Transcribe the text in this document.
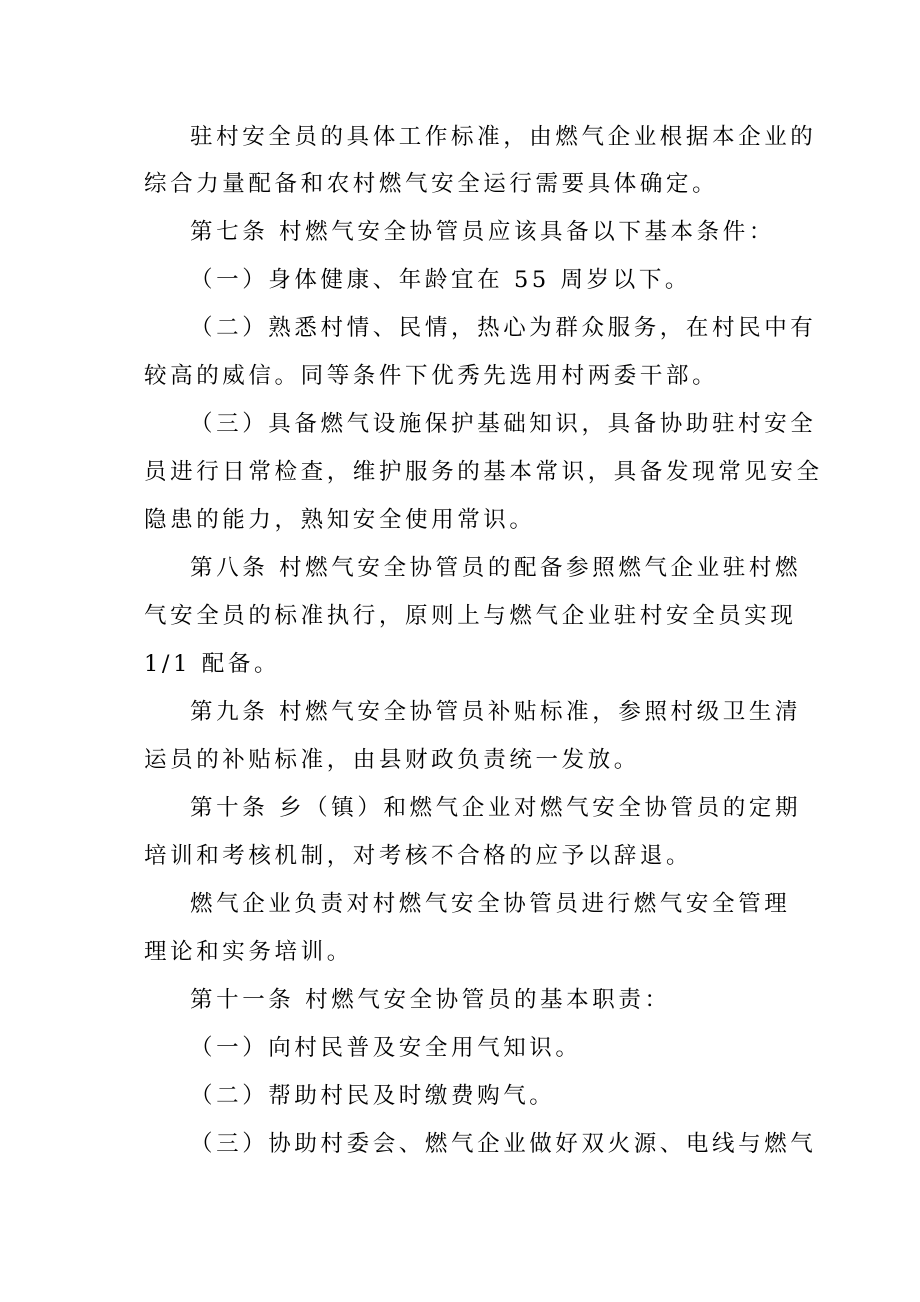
驻村安全员的具体工作标准，由燃气企业根据本企业的
综合力量配备和农村燃气安全运行需要具体确定。
第七条 村燃气安全协管员应该具备以下基本条件：
（一）身体健康、年龄宜在 55 周岁以下。
（二）熟悉村情、民情，热心为群众服务，在村民中有
较高的威信。同等条件下优秀先选用村两委干部。
（三）具备燃气设施保护基础知识，具备协助驻村安全
员进行日常检查，维护服务的基本常识，具备发现常见安全
隐患的能力，熟知安全使用常识。
第八条 村燃气安全协管员的配备参照燃气企业驻村燃
气安全员的标准执行，原则上与燃气企业驻村安全员实现
1/1 配备。
第九条 村燃气安全协管员补贴标准，参照村级卫生清
运员的补贴标准，由县财政负责统一发放。
第十条 乡（镇）和燃气企业对燃气安全协管员的定期
培训和考核机制，对考核不合格的应予以辞退。
燃气企业负责对村燃气安全协管员进行燃气安全管理
理论和实务培训。
第十一条 村燃气安全协管员的基本职责：
（一）向村民普及安全用气知识。
（二）帮助村民及时缴费购气。
（三）协助村委会、燃气企业做好双火源、电线与燃气
